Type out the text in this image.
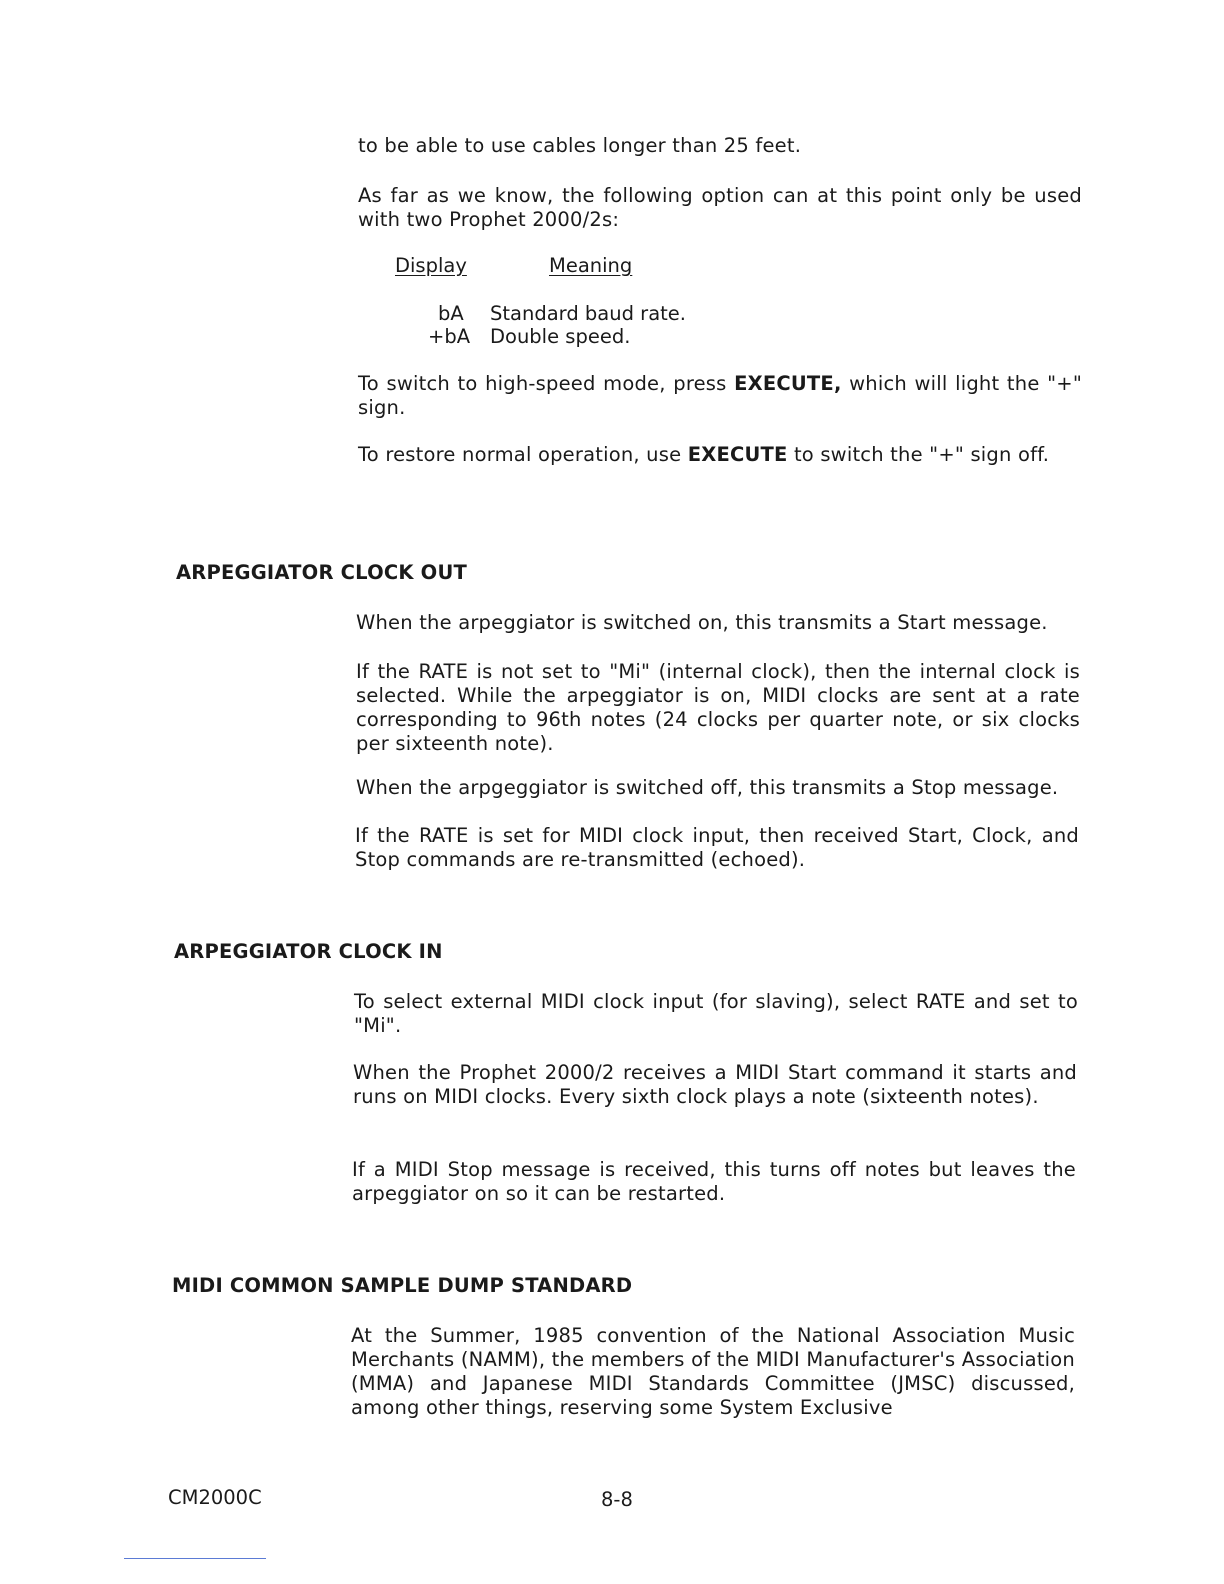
to be able to use cables longer than 25 feet.

As far as we know, the following option can at this point only be used with two Prophet 2000/2s:

Display	Meaning
bA	Standard baud rate.
+bA Double speed.

To switch to high-speed mode, press EXECUTE, which will light the "+" sign.

To restore normal operation, use EXECUTE to switch the "+" sign off.

ARPEGGIATOR CLOCK OUT

When the arpeggiator is switched on, this transmits a Start message.

If the RATE is not set to "Mi" (internal clock), then the internal clock is selected. While the arpeggiator is on, MIDI clocks are sent at a rate corresponding to 96th notes (24 clocks per quarter note, or six clocks per sixteenth note).

When the arpgeggiator is switched off, this transmits a Stop message.

If the RATE is set for MIDI clock input, then received Start, Clock, and Stop commands are re-transmitted (echoed).

ARPEGGIATOR CLOCK IN

To select external MIDI clock input (for slaving), select RATE and set to "Mi".

When the Prophet 2000/2 receives a MIDI Start command it starts and runs on MIDI clocks. Every sixth clock plays a note (sixteenth notes).

If a MIDI Stop message is received, this turns off notes but leaves the arpeggiator on so it can be restarted.

MIDI COMMON SAMPLE DUMP STANDARD

At the Summer, 1985 convention of the National Association Music Merchants (NAMM), the members of the MIDI Manufacturer's Association (MMA) and Japanese MIDI Standards Committee (JMSC) discussed, among other things, reserving some System Exclusive

CM2000C	8-8
